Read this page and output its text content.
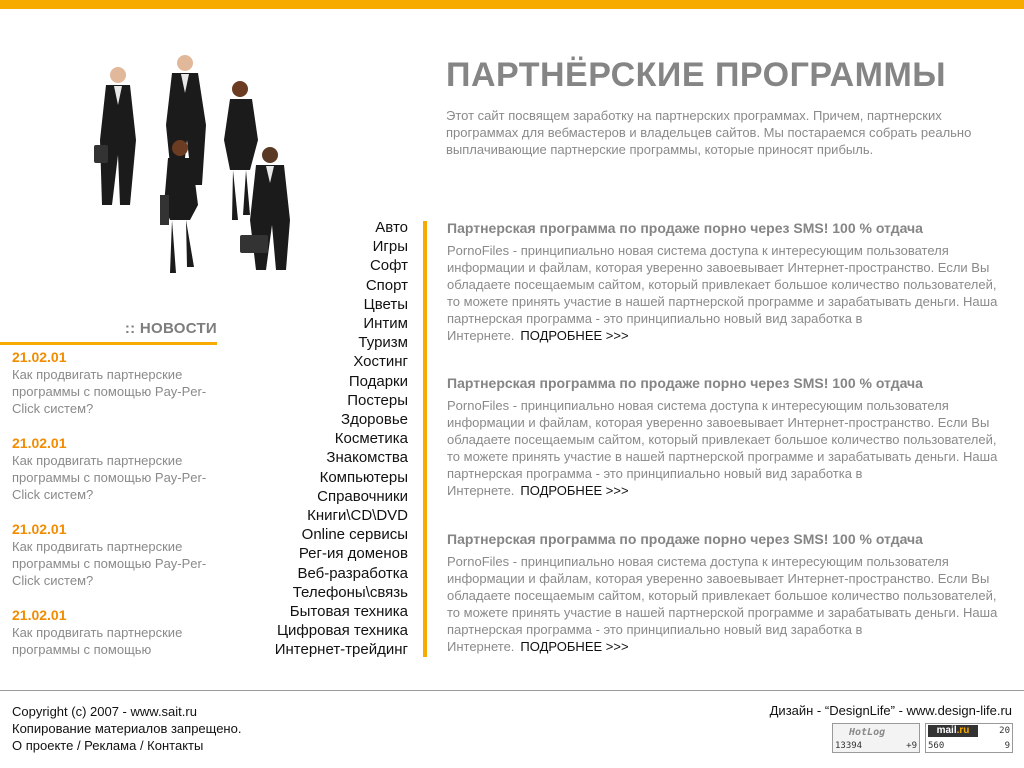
:: НОВОСТИ
21.02.01
Как продвигать партнерские программы с помощью Pay-Per-Click систем?
21.02.01
Как продвигать партнерские программы с помощью Pay-Per-Click систем?
21.02.01
Как продвигать партнерские программы с помощью Pay-Per-Click систем?
21.02.01
Как продвигать партнерские программы с помощью
Авто
Игры
Софт
Спорт
Цветы
Интим
Туризм
Хостинг
Подарки
Постеры
Здоровье
Косметика
Знакомства
Компьютеры
Справочники
Книги\CD\DVD
Online сервисы
Рег-ия доменов
Веб-разработка
Телефоны\связь
Бытовая техника
Цифровая техника
Интернет-трейдинг
ПАРТНЁРСКИЕ ПРОГРАММЫ
Этот сайт посвящем заработку на партнерских программах. Причем, партнерских программах для вебмастеров и владельцев сайтов. Мы постараемся собрать реально выплачивающие партнерские программы, которые приносят прибыль.
Партнерская программа по продаже порно через SMS! 100 % отдача

PornoFiles - принципиально новая система доступа к интересующим пользователя информации и файлам, которая уверенно завоевывает Интернет-пространство. Если Вы обладаете посещаемым сайтом, который привлекает большое количество пользователей, то можете принять участие в нашей партнерской программе и зарабатывать деньги. Наша партнерская программа - это принципиально новый вид заработка в Интернете. ПОДРОБНЕЕ >>>

Партнерская программа по продаже порно через SMS! 100 % отдача

PornoFiles - принципиально новая система доступа к интересующим пользователя информации и файлам, которая уверенно завоевывает Интернет-пространство. Если Вы обладаете посещаемым сайтом, который привлекает большое количество пользователей, то можете принять участие в нашей партнерской программе и зарабатывать деньги. Наша партнерская программа - это принципиально новый вид заработка в Интернете. ПОДРОБНЕЕ >>>

Партнерская программа по продаже порно через SMS! 100 % отдача

PornoFiles - принципиально новая система доступа к интересующим пользователя информации и файлам, которая уверенно завоевывает Интернет-пространство. Если Вы обладаете посещаемым сайтом, который привлекает большое количество пользователей, то можете принять участие в нашей партнерской программе и зарабатывать деньги. Наша партнерская программа - это принципиально новый вид заработка в Интернете. ПОДРОБНЕЕ >>>

Copyright (c) 2007 - www.sait.ru
Копирование материалов запрещено.
О проекте / Реклама / Контакты
Дизайн - “DesignLife” - www.design-life.ru
HotLog
13394	+9
mail.ru	20
560	9
